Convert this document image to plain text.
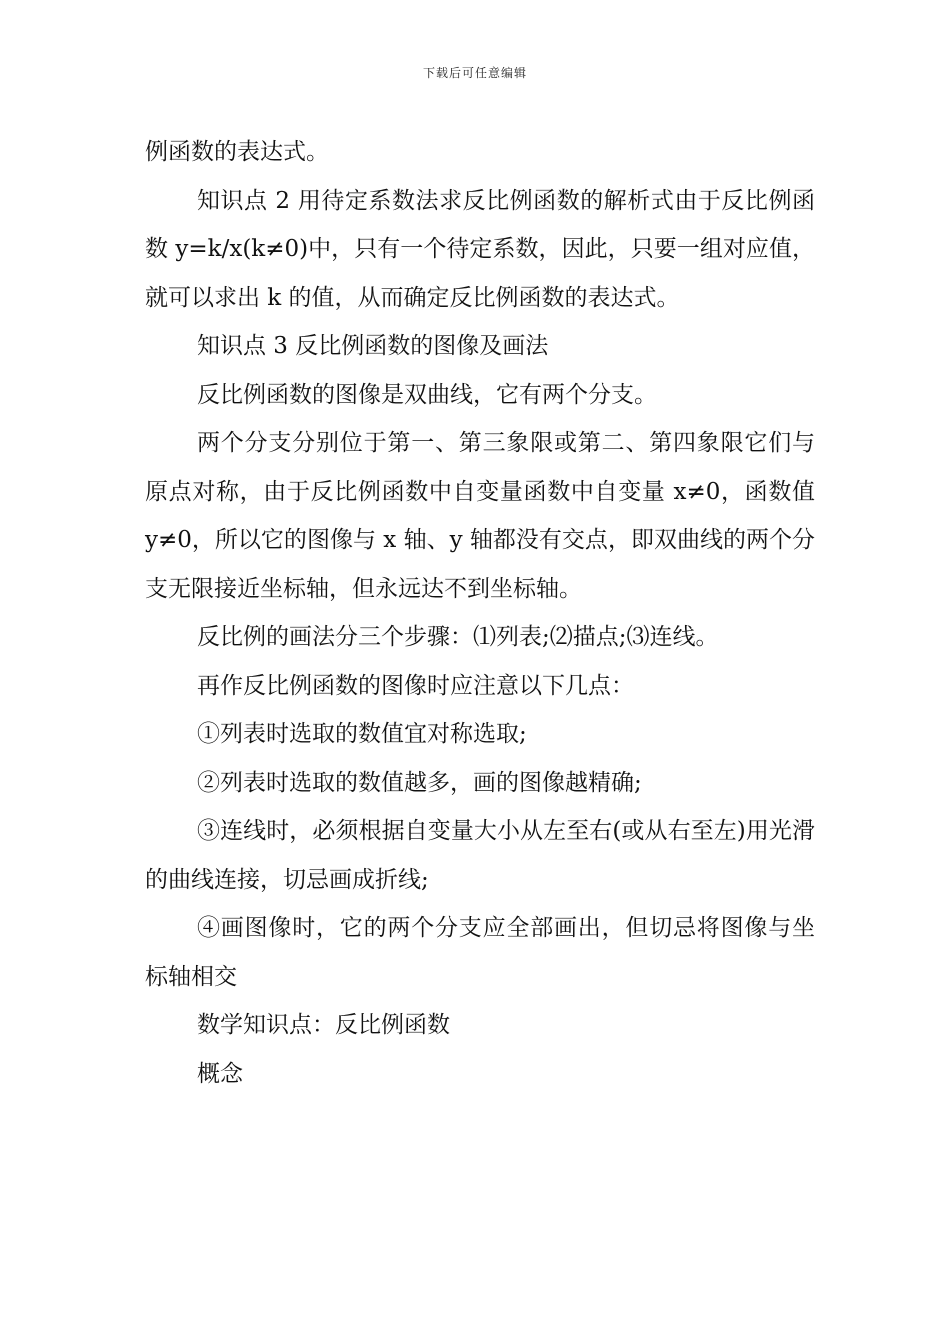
下载后可任意编辑

例函数的表达式。

知识点 2 用待定系数法求反比例函数的解析式由于反比例函数 y=k/x(k≠0)中，只有一个待定系数，因此，只要一组对应值，就可以求出 k 的值，从而确定反比例函数的表达式。

知识点 3 反比例函数的图像及画法

反比例函数的图像是双曲线，它有两个分支。

两个分支分别位于第一、第三象限或第二、第四象限它们与原点对称，由于反比例函数中自变量函数中自变量 x≠0，函数值 y≠0，所以它的图像与 x 轴、y 轴都没有交点，即双曲线的两个分支无限接近坐标轴，但永远达不到坐标轴。

反比例的画法分三个步骤：⑴列表;⑵描点;⑶连线。

再作反比例函数的图像时应注意以下几点：

①列表时选取的数值宜对称选取;

②列表时选取的数值越多，画的图像越精确;

③连线时，必须根据自变量大小从左至右(或从右至左)用光滑的曲线连接，切忌画成折线;

④画图像时，它的两个分支应全部画出，但切忌将图像与坐标轴相交

数学知识点：反比例函数

概念
